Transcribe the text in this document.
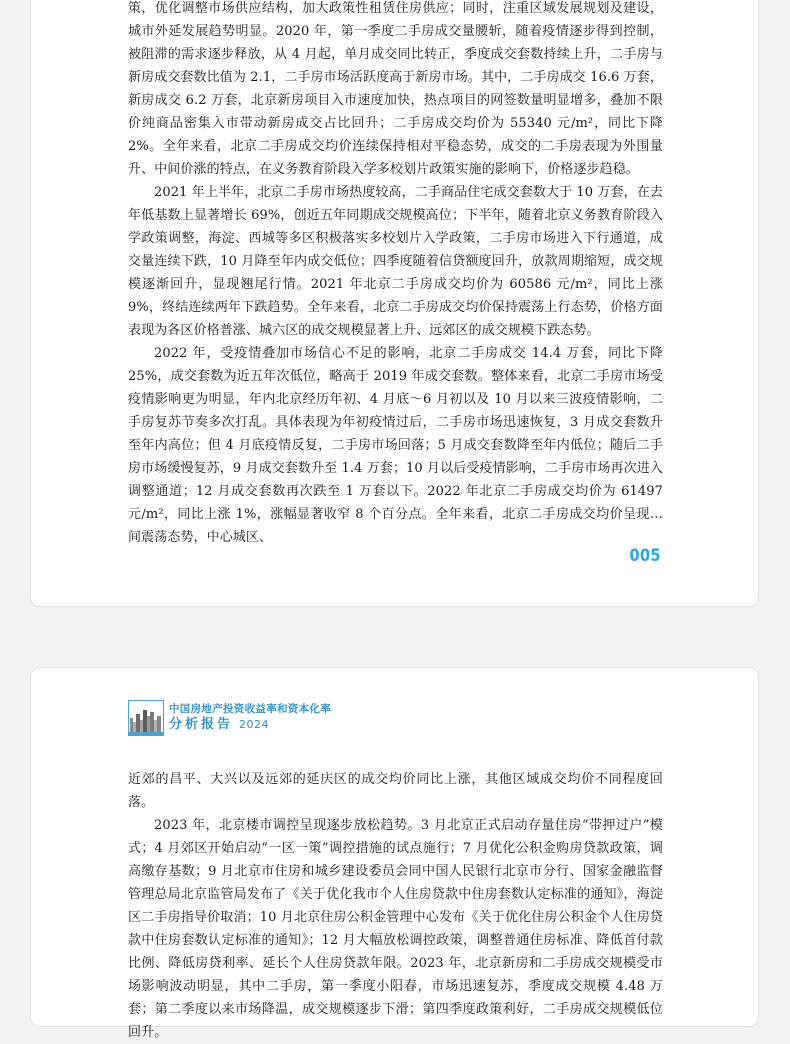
策，优化调整市场供应结构，加大政策性租赁住房供应；同时，注重区域发展规划及建设，城市外延发展趋势明显。2020 年，第一季度二手房成交量腰斩，随着疫情逐步得到控制，被阻滞的需求逐步释放，从 4 月起，单月成交同比转正，季度成交套数持续上升，二手房与新房成交套数比值为 2.1，二手房市场活跃度高于新房市场。其中，二手房成交 16.6 万套，新房成交 6.2 万套，北京新房项目入市速度加快，热点项目的网签数量明显增多，叠加不限价纯商品密集入市带动新房成交占比回升；二手房成交均价为 55340 元/m²，同比下降 2%。全年来看，北京二手房成交均价连续保持相对平稳态势，成交的二手房表现为外围量升、中间价涨的特点，在义务教育阶段入学多校划片政策实施的影响下，价格逐步趋稳。

2021 年上半年，北京二手房市场热度较高，二手商品住宅成交套数大于 10 万套，在去年低基数上显著增长 69%，创近五年同期成交规模高位；下半年，随着北京义务教育阶段入学政策调整，海淀、西城等多区积极落实多校划片入学政策，二手房市场进入下行通道，成交量连续下跌，10 月降至年内成交低位；四季度随着信贷额度回升，放款周期缩短，成交规模逐渐回升，显现翘尾行情。2021 年北京二手房成交均价为 60586 元/m²，同比上涨 9%，终结连续两年下跌趋势。全年来看，北京二手房成交均价保持震荡上行态势，价格方面表现为各区价格普涨、城六区的成交规模显著上升、远郊区的成交规模下跌态势。

2022 年，受疫情叠加市场信心不足的影响，北京二手房成交 14.4 万套，同比下降 25%，成交套数为近五年次低位，略高于 2019 年成交套数。整体来看，北京二手房市场受疫情影响更为明显，年内北京经历年初、4 月底～6 月初以及 10 月以来三波疫情影响，二手房复苏节奏多次打乱。具体表现为年初疫情过后，二手房市场迅速恢复，3 月成交套数升至年内高位；但 4 月底疫情反复，二手房市场回落；5 月成交套数降至年内低位；随后二手房市场缓慢复苏，9 月成交套数升至 1.4 万套；10 月以后受疫情影响，二手房市场再次进入调整通道；12 月成交套数再次跌至 1 万套以下。2022 年北京二手房成交均价为 61497 元/m²，同比上涨 1%，涨幅显著收窄 8 个百分点。全年来看，北京二手房成交均价呈现区间震荡态势，中心城区、

005
中国房地产投资收益率和资本化率
分析报告 2024

近郊的昌平、大兴以及远郊的延庆区的成交均价同比上涨，其他区域成交均价不同程度回落。

2023 年，北京楼市调控呈现逐步放松趋势。3 月北京正式启动存量住房“带押过户”模式；4 月郊区开始启动“一区一策”调控措施的试点施行；7 月优化公积金购房贷款政策，调高缴存基数；9 月北京市住房和城乡建设委员会同中国人民银行北京市分行、国家金融监督管理总局北京监管局发布了《关于优化我市个人住房贷款中住房套数认定标准的通知》，海淀区二手房指导价取消；10 月北京住房公积金管理中心发布《关于优化住房公积金个人住房贷款中住房套数认定标准的通知》；12 月大幅放松调控政策，调整普通住房标准、降低首付款比例、降低房贷利率、延长个人住房贷款年限。2023 年，北京新房和二手房成交规模受市场影响波动明显，其中二手房，第一季度小阳春，市场迅速复苏，季度成交规模 4.48 万套；第二季度以来市场降温，成交规模逐步下滑；第四季度政策利好，二手房成交规模低位回升。
